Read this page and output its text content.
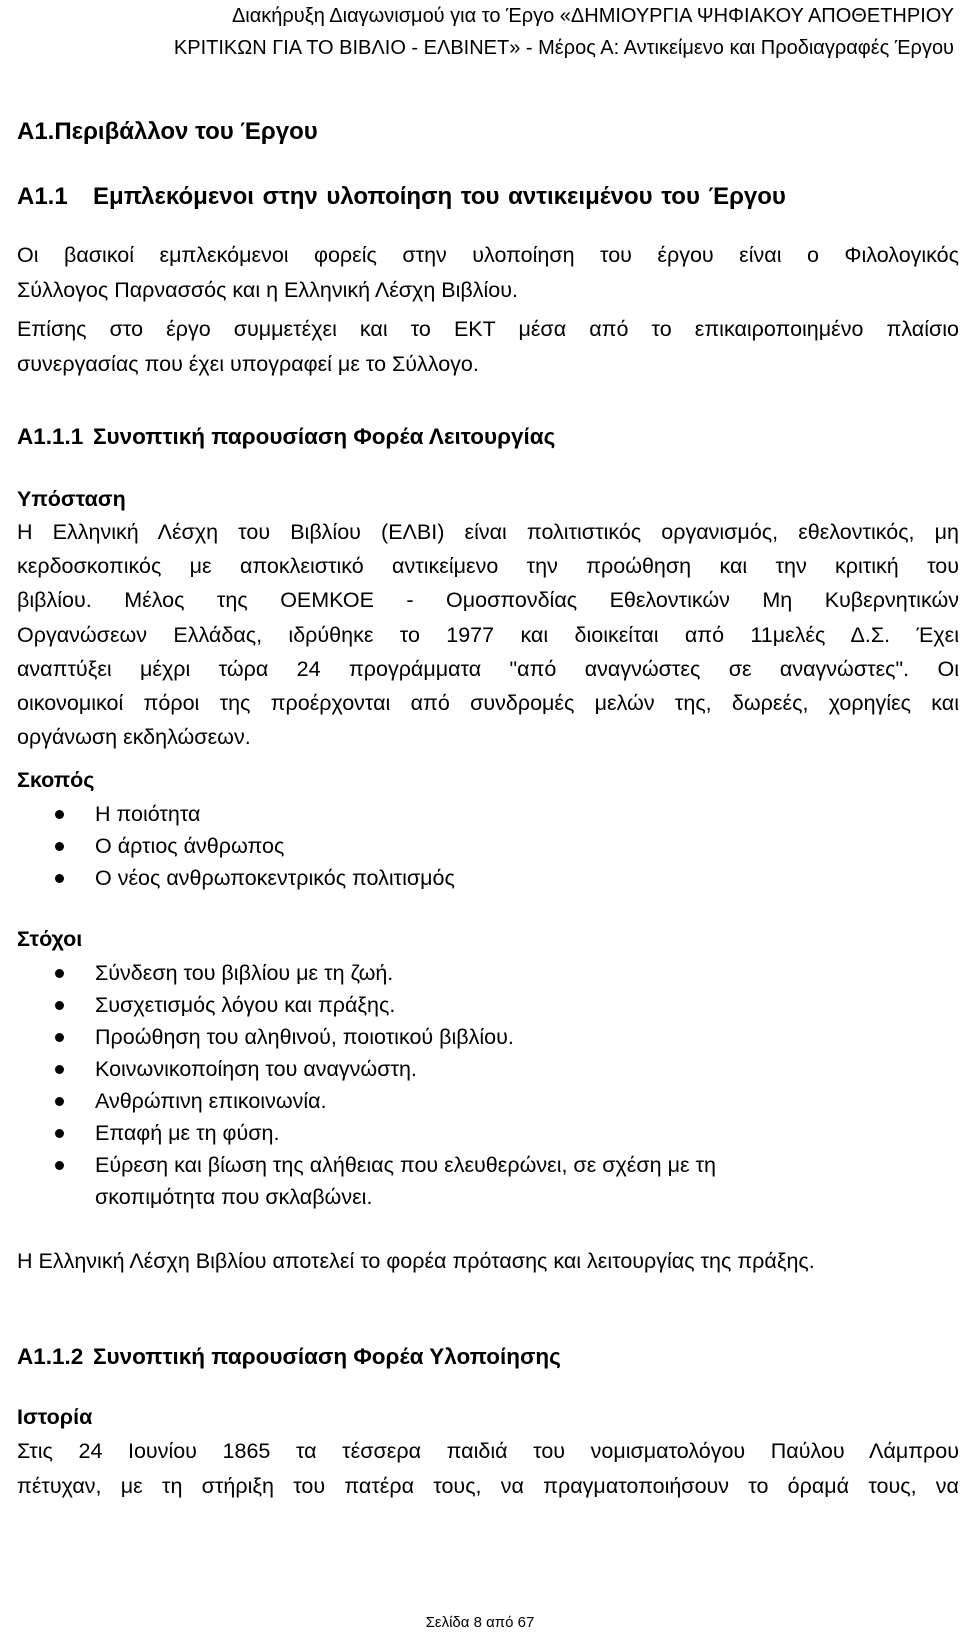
Διακήρυξη Διαγωνισμού για το Έργο «ΔΗΜΙΟΥΡΓΙΑ ΨΗΦΙΑΚΟΥ ΑΠΟΘΕΤΗΡΙΟΥ
ΚΡΙΤΙΚΩΝ ΓΙΑ ΤΟ ΒΙΒΛΙΟ - ΕΛΒΙΝΕΤ» - Μέρος Α: Αντικείμενο και Προδιαγραφές Έργου
Α1.Περιβάλλον του Έργου
Α1.1 Εμπλεκόμενοι στην υλοποίηση του αντικειμένου του Έργου
Οι βασικοί εμπλεκόμενοι φορείς στην υλοποίηση του έργου είναι ο Φιλολογικός
Σύλλογος Παρνασσός και η Ελληνική Λέσχη Βιβλίου.
Επίσης στο έργο συμμετέχει και το ΕΚΤ μέσα από το επικαιροποιημένο πλαίσιο
συνεργασίας που έχει υπογραφεί με το Σύλλογο.
Α1.1.1 Συνοπτική παρουσίαση Φορέα Λειτουργίας
Υπόσταση
Η Ελληνική Λέσχη του Βιβλίου (ΕΛΒΙ) είναι πολιτιστικός οργανισμός, εθελοντικός, μη
κερδοσκοπικός με αποκλειστικό αντικείμενο την προώθηση και την κριτική του
βιβλίου. Μέλος της ΟΕΜΚΟΕ - Ομοσπονδίας Εθελοντικών Μη Κυβερνητικών
Οργανώσεων Ελλάδας, ιδρύθηκε το 1977 και διοικείται από 11μελές Δ.Σ. Έχει
αναπτύξει μέχρι τώρα 24 προγράμματα "από αναγνώστες σε αναγνώστες". Οι
οικονομικοί πόροι της προέρχονται από συνδρομές μελών της, δωρεές, χορηγίες και
οργάνωση εκδηλώσεων.
Σκοπός
Η ποιότητα
Ο άρτιος άνθρωπος
Ο νέος ανθρωποκεντρικός πολιτισμός
Στόχοι
Σύνδεση του βιβλίου με τη ζωή.
Συσχετισμός λόγου και πράξης.
Προώθηση του αληθινού, ποιοτικού βιβλίου.
Κοινωνικοποίηση του αναγνώστη.
Ανθρώπινη επικοινωνία.
Επαφή με τη φύση.
Εύρεση και βίωση της αλήθειας που ελευθερώνει, σε σχέση με τη
σκοπιμότητα που σκλαβώνει.
Η Ελληνική Λέσχη Βιβλίου αποτελεί το φορέα πρότασης και λειτουργίας της πράξης.
Α1.1.2 Συνοπτική παρουσίαση Φορέα Υλοποίησης
Ιστορία
Στις 24 Ιουνίου 1865 τα τέσσερα παιδιά του νομισματολόγου Παύλου Λάμπρου
πέτυχαν, με τη στήριξη του πατέρα τους, να πραγματοποιήσουν το όραμά τους, να
Σελίδα 8 από 67
